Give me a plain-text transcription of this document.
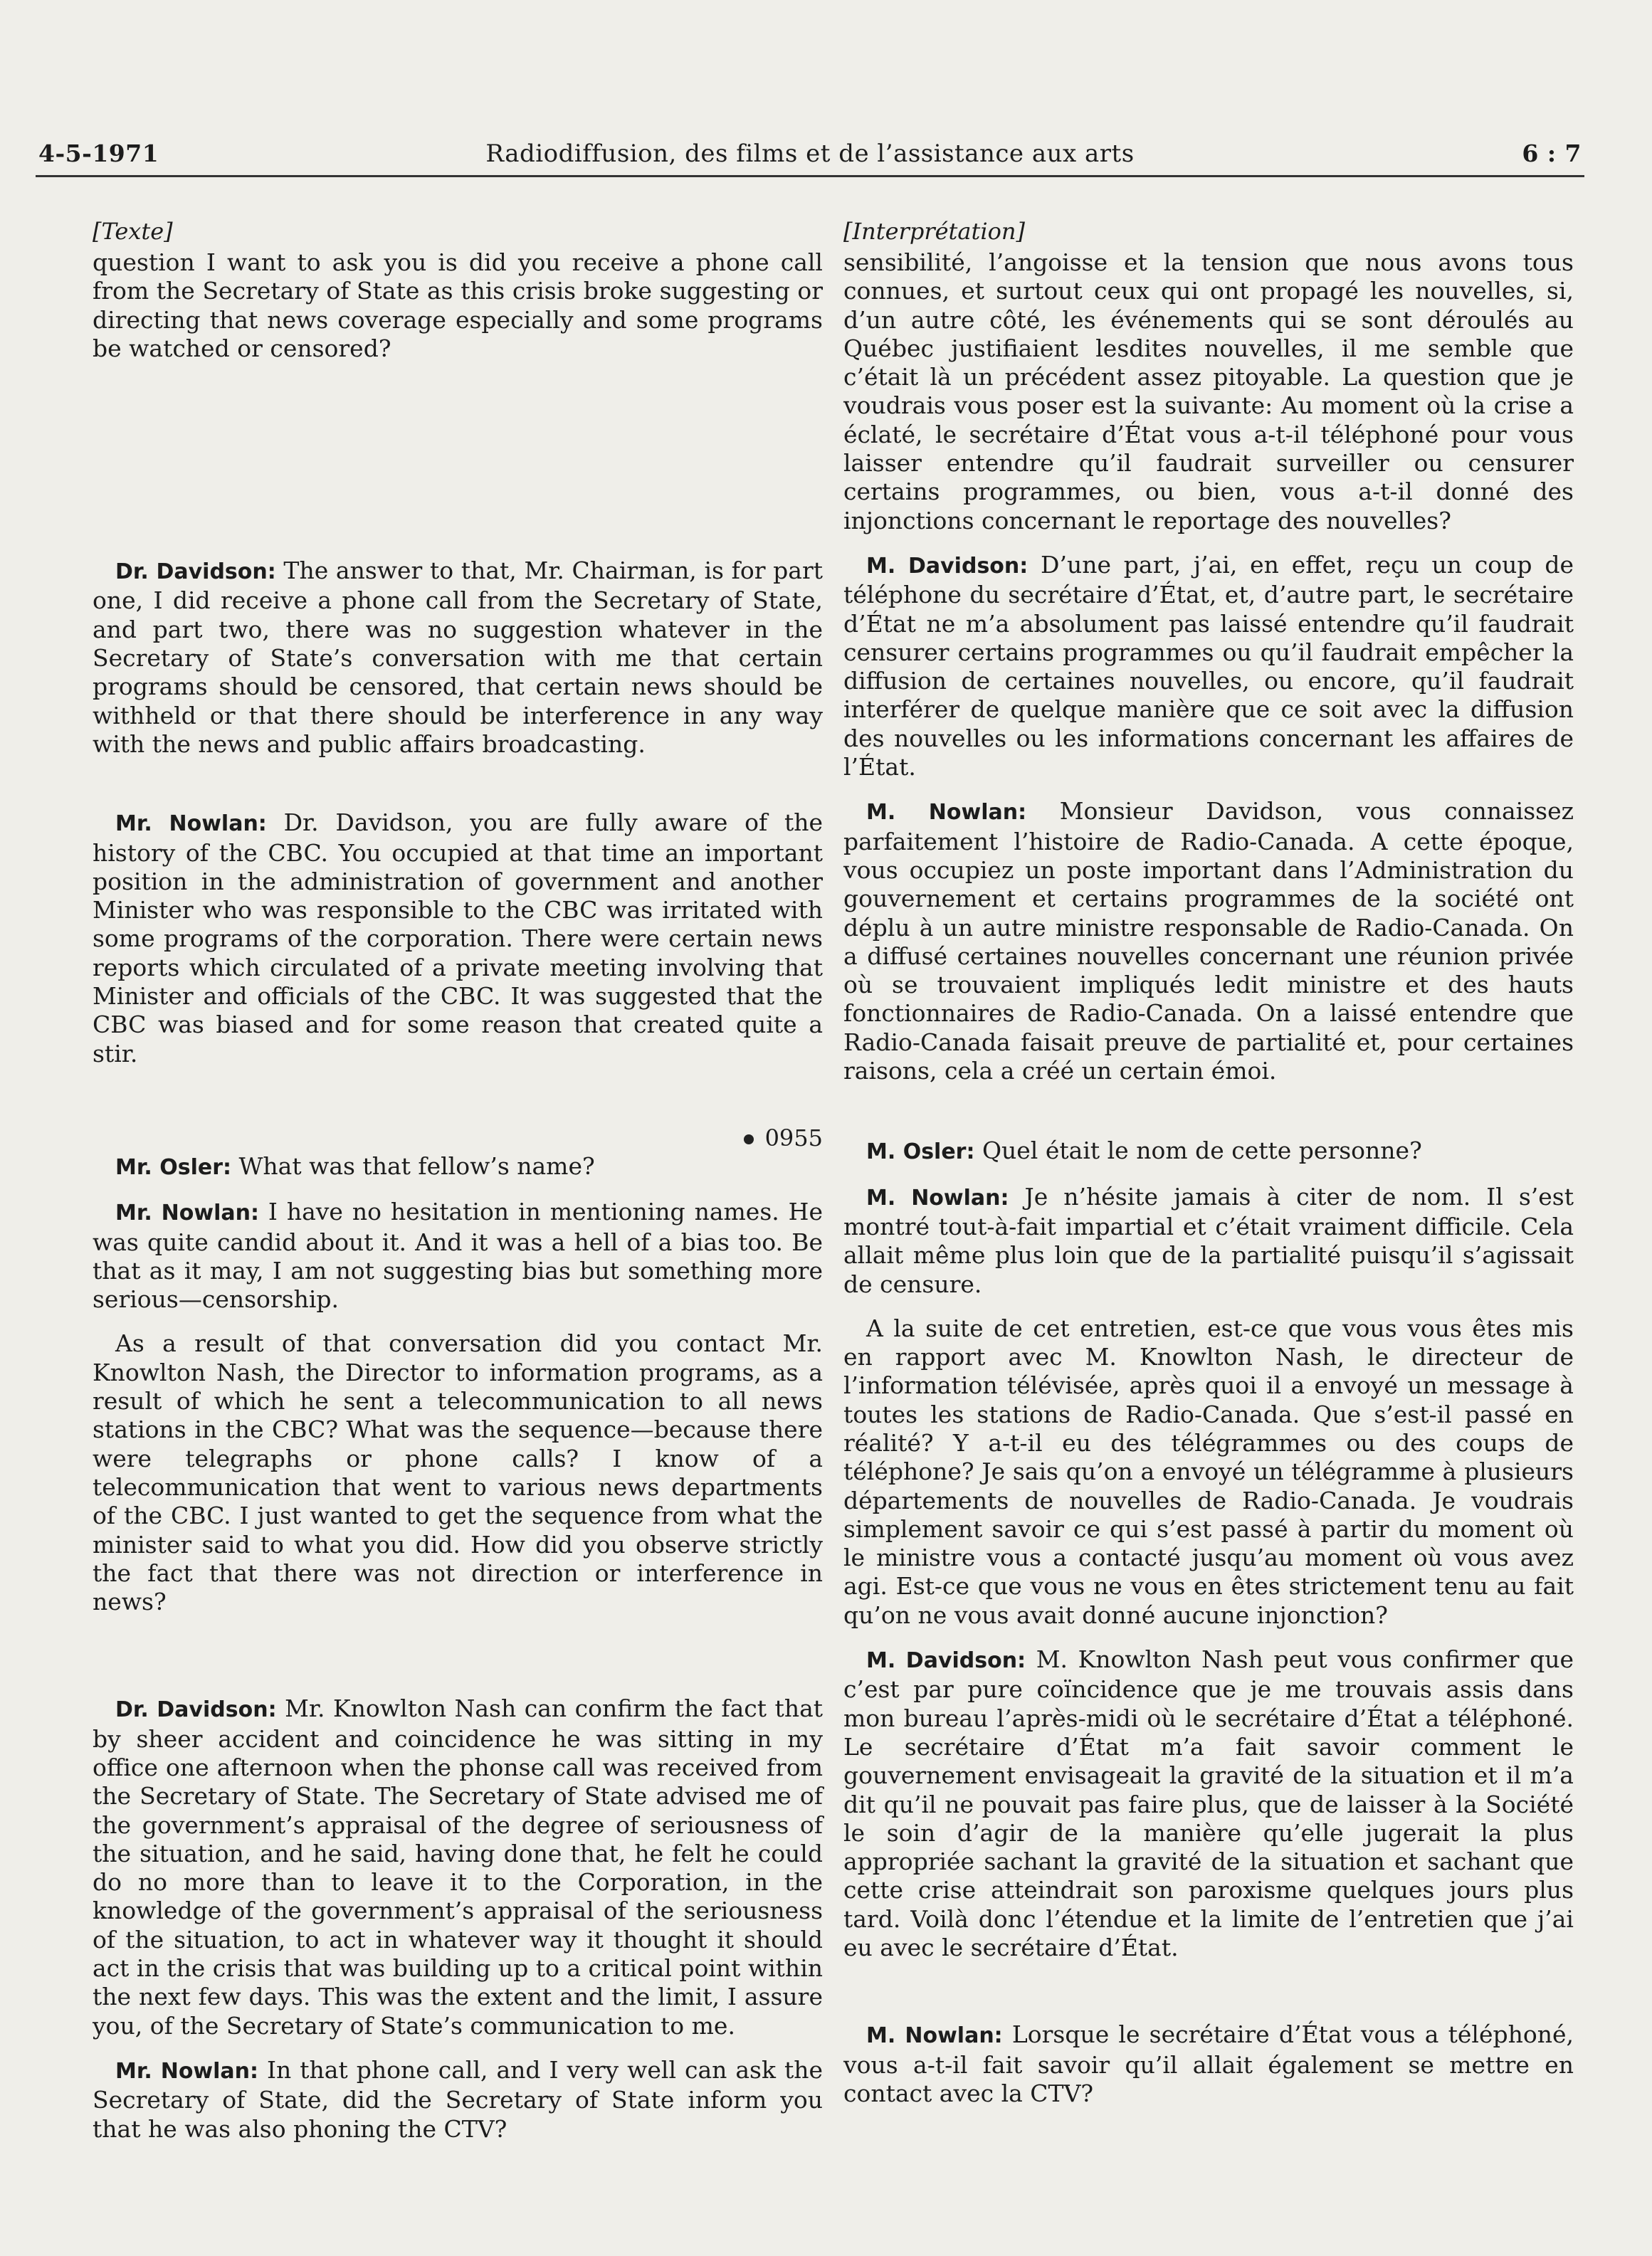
4-5-1971	Radiodiffusion, des films et de l’assistance aux arts	6 : 7

[Texte]

question I want to ask you is did you receive a phone call from the Secretary of State as this crisis broke suggesting or directing that news coverage especially and some programs be watched or censored?

Dr. Davidson: The answer to that, Mr. Chairman, is for part one, I did receive a phone call from the Secretary of State, and part two, there was no suggestion whatever in the Secretary of State’s conversation with me that certain programs should be censored, that certain news should be withheld or that there should be interference in any way with the news and public affairs broadcasting.

Mr. Nowlan: Dr. Davidson, you are fully aware of the history of the CBC. You occupied at that time an important position in the administration of government and another Minister who was responsible to the CBC was irritated with some programs of the corporation. There were certain news reports which circulated of a private meeting involving that Minister and officials of the CBC. It was suggested that the CBC was biased and for some reason that created quite a stir.

0955

Mr. Osler: What was that fellow’s name?

Mr. Nowlan: I have no hesitation in mentioning names. He was quite candid about it. And it was a hell of a bias too. Be that as it may, I am not suggesting bias but something more serious—censorship.

As a result of that conversation did you contact Mr. Knowlton Nash, the Director to information programs, as a result of which he sent a telecommunication to all news stations in the CBC? What was the sequence—because there were telegraphs or phone calls? I know of a telecommunication that went to various news departments of the CBC. I just wanted to get the sequence from what the minister said to what you did. How did you observe strictly the fact that there was not direction or interference in news?

Dr. Davidson: Mr. Knowlton Nash can confirm the fact that by sheer accident and coincidence he was sitting in my office one afternoon when the phonse call was received from the Secretary of State. The Secretary of State advised me of the government’s appraisal of the degree of seriousness of the situation, and he said, having done that, he felt he could do no more than to leave it to the Corporation, in the knowledge of the government’s appraisal of the seriousness of the situation, to act in whatever way it thought it should act in the crisis that was building up to a critical point within the next few days. This was the extent and the limit, I assure you, of the Secretary of State’s communication to me.

Mr. Nowlan: In that phone call, and I very well can ask the Secretary of State, did the Secretary of State inform you that he was also phoning the CTV?

[Interprétation]

sensibilité, l’angoisse et la tension que nous avons tous connues, et surtout ceux qui ont propagé les nouvelles, si, d’un autre côté, les événements qui se sont déroulés au Québec justifiaient lesdites nouvelles, il me semble que c’était là un précédent assez pitoyable. La question que je voudrais vous poser est la suivante: Au moment où la crise a éclaté, le secrétaire d’État vous a-t-il téléphoné pour vous laisser entendre qu’il faudrait surveiller ou censurer certains programmes, ou bien, vous a-t-il donné des injonctions concernant le reportage des nouvelles?

M. Davidson: D’une part, j’ai, en effet, reçu un coup de téléphone du secrétaire d’État, et, d’autre part, le secrétaire d’État ne m’a absolument pas laissé entendre qu’il faudrait censurer certains programmes ou qu’il faudrait empêcher la diffusion de certaines nouvelles, ou encore, qu’il faudrait interférer de quelque manière que ce soit avec la diffusion des nouvelles ou les informations concernant les affaires de l’État.

M. Nowlan: Monsieur Davidson, vous connaissez parfaitement l’histoire de Radio-Canada. A cette époque, vous occupiez un poste important dans l’Administration du gouvernement et certains programmes de la société ont déplu à un autre ministre responsable de Radio-Canada. On a diffusé certaines nouvelles concernant une réunion privée où se trouvaient impliqués ledit ministre et des hauts fonctionnaires de Radio-Canada. On a laissé entendre que Radio-Canada faisait preuve de partialité et, pour certaines raisons, cela a créé un certain émoi.

M. Osler: Quel était le nom de cette personne?

M. Nowlan: Je n’hésite jamais à citer de nom. Il s’est montré tout-à-fait impartial et c’était vraiment difficile. Cela allait même plus loin que de la partialité puisqu’il s’agissait de censure.

A la suite de cet entretien, est-ce que vous vous êtes mis en rapport avec M. Knowlton Nash, le directeur de l’information télévisée, après quoi il a envoyé un message à toutes les stations de Radio-Canada. Que s’est-il passé en réalité? Y a-t-il eu des télégrammes ou des coups de téléphone? Je sais qu’on a envoyé un télégramme à plusieurs départements de nouvelles de Radio-Canada. Je voudrais simplement savoir ce qui s’est passé à partir du moment où le ministre vous a contacté jusqu’au moment où vous avez agi. Est-ce que vous ne vous en êtes strictement tenu au fait qu’on ne vous avait donné aucune injonction?

M. Davidson: M. Knowlton Nash peut vous confirmer que c’est par pure coïncidence que je me trouvais assis dans mon bureau l’après-midi où le secrétaire d’État a téléphoné. Le secrétaire d’État m’a fait savoir comment le gouvernement envisageait la gravité de la situation et il m’a dit qu’il ne pouvait pas faire plus, que de laisser à la Société le soin d’agir de la manière qu’elle jugerait la plus appropriée sachant la gravité de la situation et sachant que cette crise atteindrait son paroxisme quelques jours plus tard. Voilà donc l’étendue et la limite de l’entretien que j’ai eu avec le secrétaire d’État.

M. Nowlan: Lorsque le secrétaire d’État vous a téléphoné, vous a-t-il fait savoir qu’il allait également se mettre en contact avec la CTV?
